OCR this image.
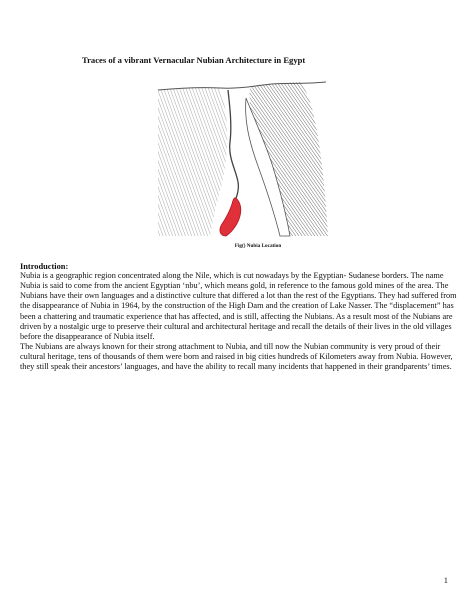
Traces of a vibrant Vernacular Nubian Architecture in Egypt
Fig() Nubia Location
Introduction:

Nubia is a geographic region concentrated along the Nile, which is cut nowadays by the Egyptian- Sudanese borders. The name Nubia is said to come from the ancient Egyptian ‘nbu’, which means gold, in reference to the famous gold mines of the area. The Nubians have their own languages and a distinctive culture that differed a lot than the rest of the Egyptians. They had suffered from the disappearance of Nubia in 1964, by the construction of the High Dam and the creation of Lake Nasser. The “displacement” has been a chattering and traumatic experience that has affected, and is still, affecting the Nubians. As a result most of the Nubians are driven by a nostalgic urge to preserve their cultural and architectural heritage and recall the details of their lives in the old villages before the disappearance of Nubia itself.

The Nubians are always known for their strong attachment to Nubia, and till now the Nubian community is very proud of their cultural heritage, tens of thousands of them were born and raised in big cities hundreds of Kilometers away from Nubia. However, they still speak their ancestors’ languages, and have the ability to recall many incidents that happened in their grandparents’ times.

1
